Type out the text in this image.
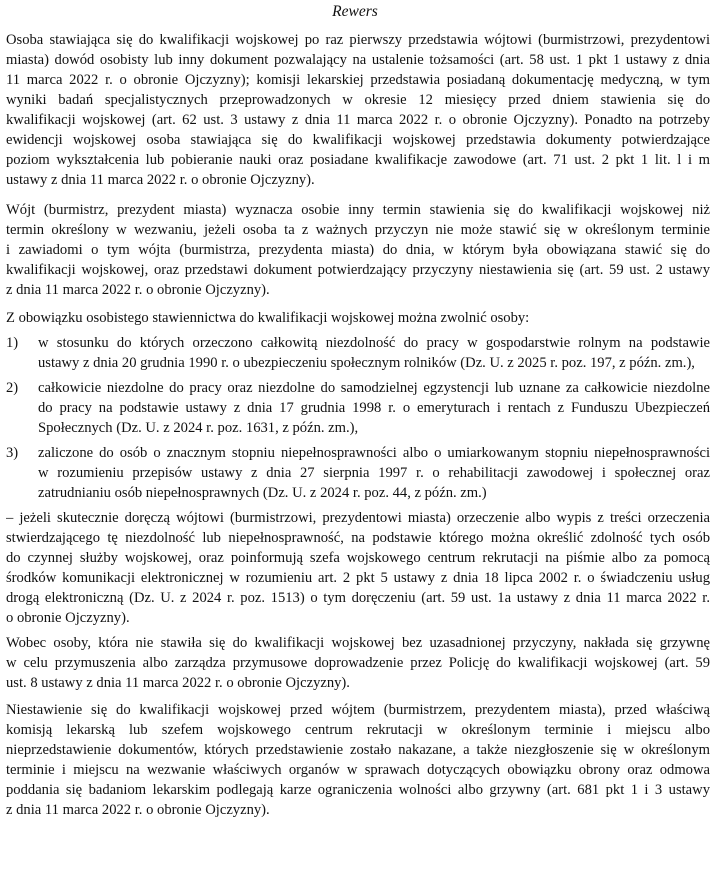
Rewers
Osoba stawiająca się do kwalifikacji wojskowej po raz pierwszy przedstawia wójtowi (burmistrzowi, prezydentowi
miasta) dowód osobisty lub inny dokument pozwalający na ustalenie tożsamości (art. 58 ust. 1 pkt 1 ustawy z dnia
11 marca 2022 r. o obronie Ojczyzny); komisji lekarskiej przedstawia posiadaną dokumentację medyczną, w tym
wyniki badań specjalistycznych przeprowadzonych w okresie 12 miesięcy przed dniem stawienia się do
kwalifikacji wojskowej (art. 62 ust. 3 ustawy z dnia 11 marca 2022 r. o obronie Ojczyzny). Ponadto na potrzeby
ewidencji wojskowej osoba stawiająca się do kwalifikacji wojskowej przedstawia dokumenty potwierdzające
poziom wykształcenia lub pobieranie nauki oraz posiadane kwalifikacje zawodowe (art. 71 ust. 2 pkt 1 lit. l i m
ustawy z dnia 11 marca 2022 r. o obronie Ojczyzny).
Wójt (burmistrz, prezydent miasta) wyznacza osobie inny termin stawienia się do kwalifikacji wojskowej niż
termin określony w wezwaniu, jeżeli osoba ta z ważnych przyczyn nie może stawić się w określonym terminie
i zawiadomi o tym wójta (burmistrza, prezydenta miasta) do dnia, w którym była obowiązana stawić się do
kwalifikacji wojskowej, oraz przedstawi dokument potwierdzający przyczyny niestawienia się (art. 59 ust. 2 ustawy
z dnia 11 marca 2022 r. o obronie Ojczyzny).
Z obowiązku osobistego stawiennictwa do kwalifikacji wojskowej można zwolnić osoby:
1) w stosunku do których orzeczono całkowitą niezdolność do pracy w gospodarstwie rolnym na podstawie
ustawy z dnia 20 grudnia 1990 r. o ubezpieczeniu społecznym rolników (Dz. U. z 2025 r. poz. 197, z późn. zm.),
2) całkowicie niezdolne do pracy oraz niezdolne do samodzielnej egzystencji lub uznane za całkowicie niezdolne
do pracy na podstawie ustawy z dnia 17 grudnia 1998 r. o emeryturach i rentach z Funduszu Ubezpieczeń
Społecznych (Dz. U. z 2024 r. poz. 1631, z późn. zm.),
3) zaliczone do osób o znacznym stopniu niepełnosprawności albo o umiarkowanym stopniu niepełnosprawności
w rozumieniu przepisów ustawy z dnia 27 sierpnia 1997 r. o rehabilitacji zawodowej i społecznej oraz
zatrudnianiu osób niepełnosprawnych (Dz. U. z 2024 r. poz. 44, z późn. zm.)
– jeżeli skutecznie doręczą wójtowi (burmistrzowi, prezydentowi miasta) orzeczenie albo wypis z treści orzeczenia
stwierdzającego tę niezdolność lub niepełnosprawność, na podstawie którego można określić zdolność tych osób
do czynnej służby wojskowej, oraz poinformują szefa wojskowego centrum rekrutacji na piśmie albo za pomocą
środków komunikacji elektronicznej w rozumieniu art. 2 pkt 5 ustawy z dnia 18 lipca 2002 r. o świadczeniu usług
drogą elektroniczną (Dz. U. z 2024 r. poz. 1513) o tym doręczeniu (art. 59 ust. 1a ustawy z dnia 11 marca 2022 r.
o obronie Ojczyzny).
Wobec osoby, która nie stawiła się do kwalifikacji wojskowej bez uzasadnionej przyczyny, nakłada się grzywnę
w celu przymuszenia albo zarządza przymusowe doprowadzenie przez Policję do kwalifikacji wojskowej (art. 59
ust. 8 ustawy z dnia 11 marca 2022 r. o obronie Ojczyzny).
Niestawienie się do kwalifikacji wojskowej przed wójtem (burmistrzem, prezydentem miasta), przed właściwą
komisją lekarską lub szefem wojskowego centrum rekrutacji w określonym terminie i miejscu albo
nieprzedstawienie dokumentów, których przedstawienie zostało nakazane, a także niezgłoszenie się w określonym
terminie i miejscu na wezwanie właściwych organów w sprawach dotyczących obowiązku obrony oraz odmowa
poddania się badaniom lekarskim podlegają karze ograniczenia wolności albo grzywny (art. 681 pkt 1 i 3 ustawy
z dnia 11 marca 2022 r. o obronie Ojczyzny).
